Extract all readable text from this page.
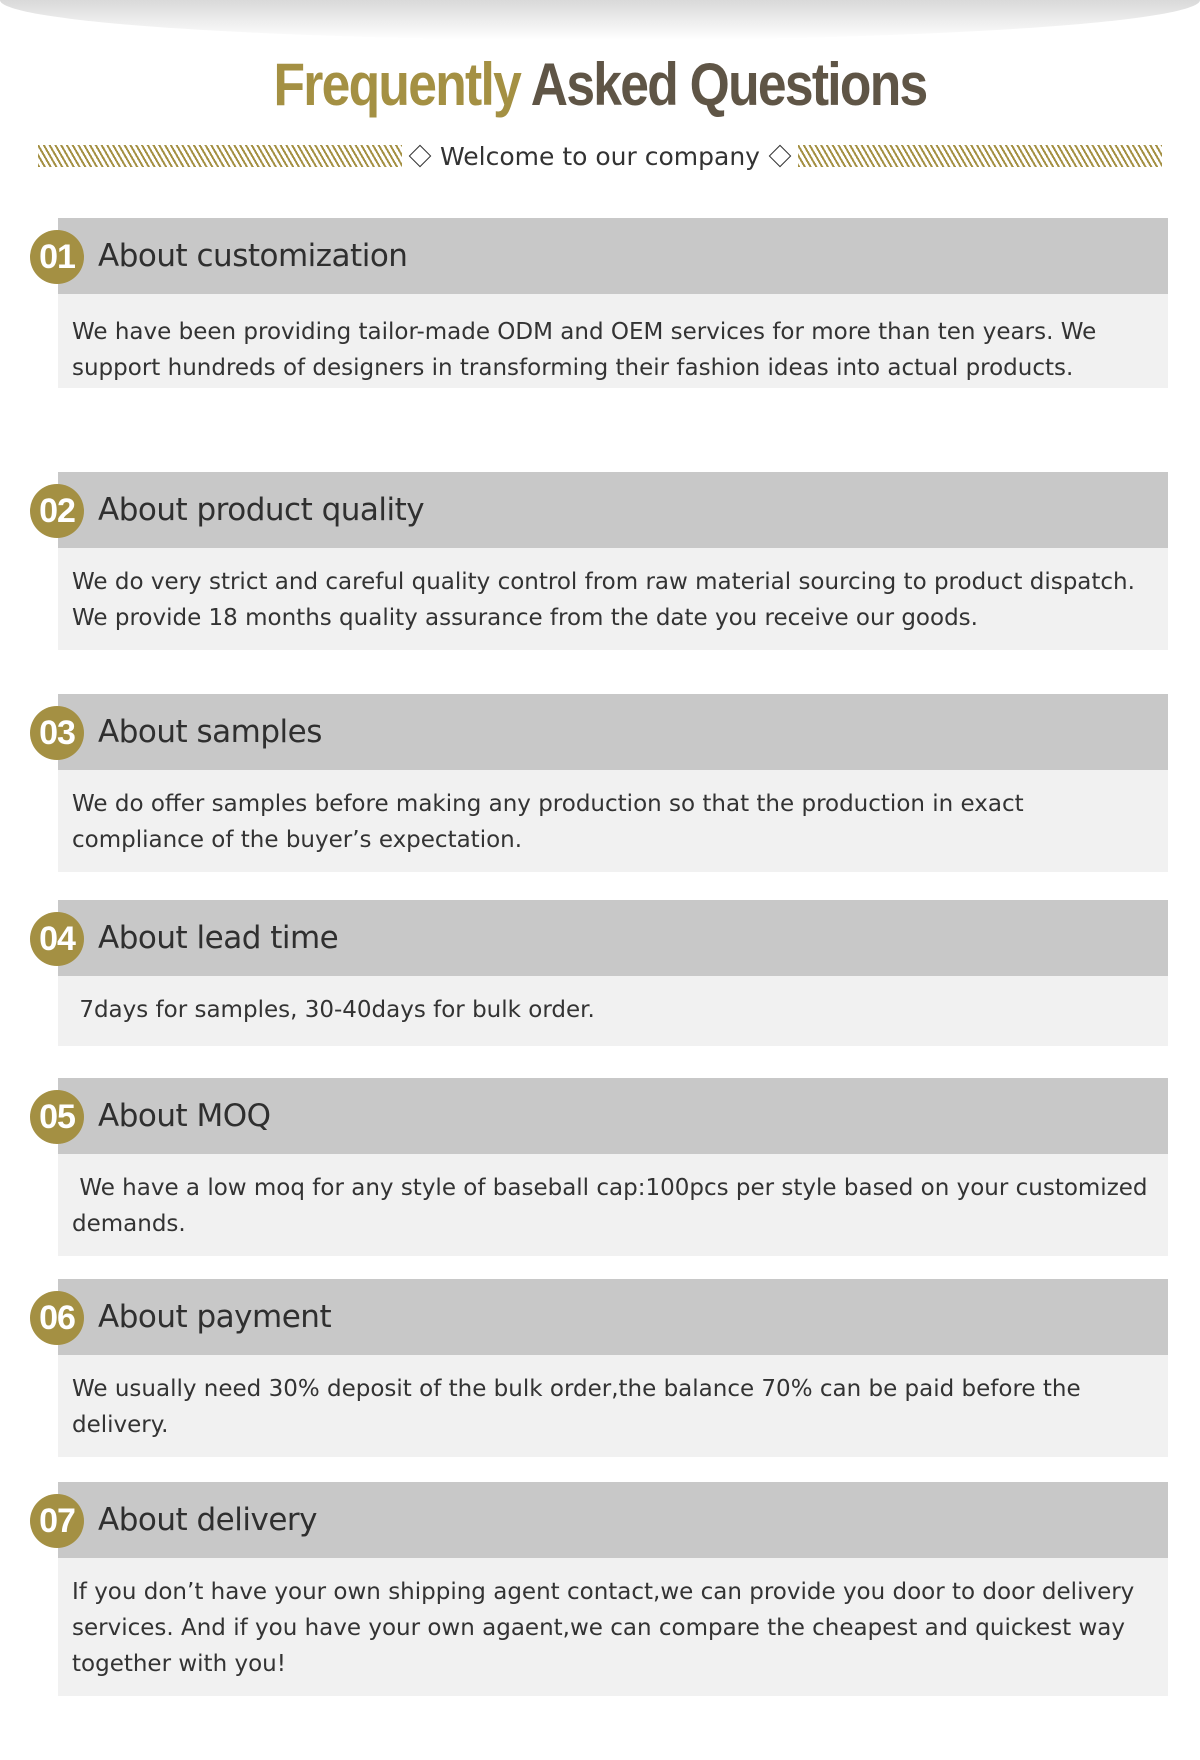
Frequently Asked Questions
Welcome to our company
01 About customization
We have been providing tailor-made ODM and OEM services for more than ten years. We support hundreds of designers in transforming their fashion ideas into actual products.
02 About product quality
We do very strict and careful quality control from raw material sourcing to product dispatch. We provide 18 months quality assurance from the date you receive our goods.
03 About samples
We do offer samples before making any production so that the production in exact compliance of the buyer’s expectation.
04 About lead time
7days for samples, 30-40days for bulk order.
05 About MOQ
We have a low moq for any style of baseball cap:100pcs per style based on your customized demands.
06 About payment
We usually need 30% deposit of the bulk order,the balance 70% can be paid before the delivery.
07 About delivery
If you don’t have your own shipping agent contact,we can provide you door to door delivery services. And if you have your own agaent,we can compare the cheapest and quickest way together with you!
